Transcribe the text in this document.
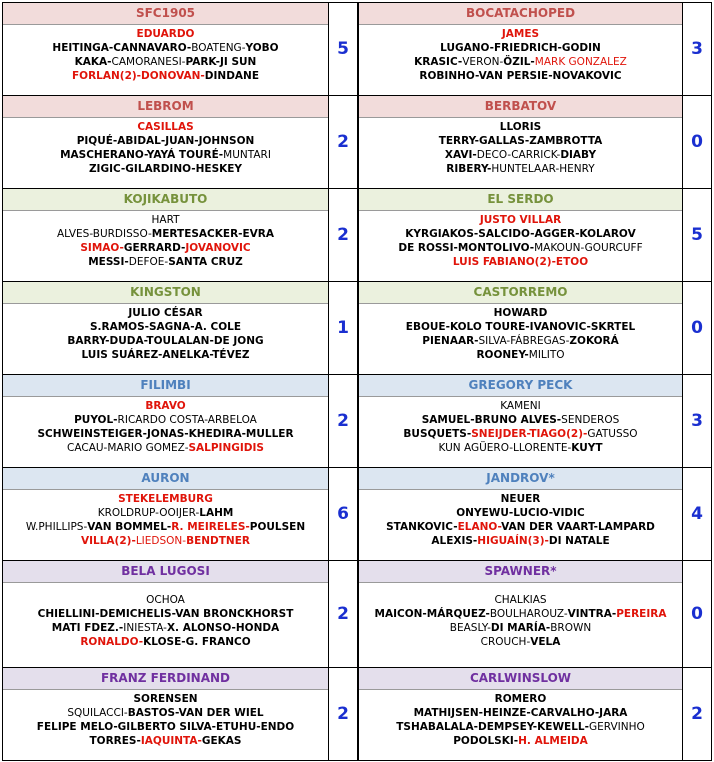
SFC1905
EDUARDO
HEITINGA-CANNAVARO-BOATENG-YOBO
KAKA-CAMORANESI-PARK-JI SUN
FORLAN(2)-DONOVAN-DINDANE
5
BOCATACHOPED
JAMES
LUGANO-FRIEDRICH-GODIN
KRASIC-VERON-ÖZIL-MARK GONZALEZ
ROBINHO-VAN PERSIE-NOVAKOVIC
3
LEBROM
CASILLAS
PIQUÉ-ABIDAL-JUAN-JOHNSON
MASCHERANO-YAYÁ TOURÉ-MUNTARI
ZIGIC-GILARDINO-HESKEY
2
BERBATOV
LLORIS
TERRY-GALLAS-ZAMBROTTA
XAVI-DECO-CARRICK-DIABY
RIBERY-HUNTELAAR-HENRY
0
KOJIKABUTO
HART
ALVES-BURDISSO-MERTESACKER-EVRA
SIMAO-GERRARD-JOVANOVIC
MESSI-DEFOE-SANTA CRUZ
2
EL SERDO
JUSTO VILLAR
KYRGIAKOS-SALCIDO-AGGER-KOLAROV
DE ROSSI-MONTOLIVO-MAKOUN-GOURCUFF
LUIS FABIANO(2)-ETOO
5
KINGSTON
JULIO CÉSAR
S.RAMOS-SAGNA-A. COLE
BARRY-DUDA-TOULALAN-DE JONG
LUIS SUÁREZ-ANELKA-TÉVEZ
1
CASTORREMO
HOWARD
EBOUE-KOLO TOURE-IVANOVIC-SKRTEL
PIENAAR-SILVA-FÁBREGAS-ZOKORÁ
ROONEY-MILITO
0
FILIMBI
BRAVO
PUYOL-RICARDO COSTA-ARBELOA
SCHWEINSTEIGER-JONAS-KHEDIRA-MULLER
CACAU-MARIO GOMEZ-SALPINGIDIS
2
GREGORY PECK
KAMENI
SAMUEL-BRUNO ALVES-SENDEROS
BUSQUETS-SNEIJDER-TIAGO(2)-GATUSSO
KUN AGÜERO-LLORENTE-KUYT
3
AURON
STEKELEMBURG
KROLDRUP-OOIJER-LAHM
W.PHILLIPS-VAN BOMMEL-R. MEIRELES-POULSEN
VILLA(2)-LIEDSON-BENDTNER
6
JANDROV*
NEUER
ONYEWU-LUCIO-VIDIC
STANKOVIC-ELANO-VAN DER VAART-LAMPARD
ALEXIS-HIGUAÍN(3)-DI NATALE
4
BELA LUGOSI
OCHOA
CHIELLINI-DEMICHELIS-VAN BRONCKHORST
MATI FDEZ.-INIESTA-X. ALONSO-HONDA
RONALDO-KLOSE-G. FRANCO
2
SPAWNER*
CHALKIAS
MAICON-MÁRQUEZ-BOULHAROUZ-VINTRA-PEREIRA
BEASLY-DI MARÍA-BROWN
CROUCH-VELA
0
FRANZ FERDINAND
SORENSEN
SQUILACCI-BASTOS-VAN DER WIEL
FELIPE MELO-GILBERTO SILVA-ETUHU-ENDO
TORRES-IAQUINTA-GEKAS
2
CARLWINSLOW
ROMERO
MATHIJSEN-HEINZE-CARVALHO-JARA
TSHABALALA-DEMPSEY-KEWELL-GERVINHO
PODOLSKI-H. ALMEIDA
2
